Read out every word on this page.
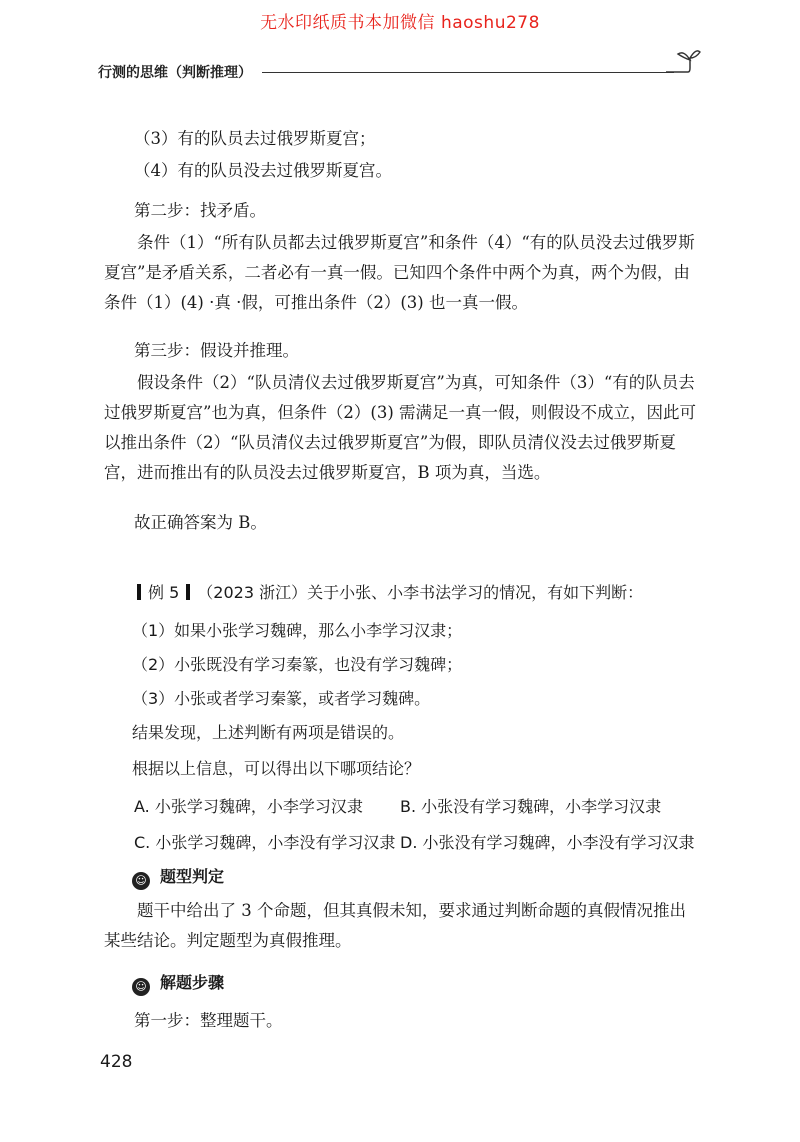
无水印纸质书本加微信 haoshu278
行测的思维（判断推理）

（3）有的队员去过俄罗斯夏宫；

（4）有的队员没去过俄罗斯夏宫。

第二步：找矛盾。

条件（1）“所有队员都去过俄罗斯夏宫”和条件（4）“有的队员没去过俄罗斯夏宫”是矛盾关系，二者必有一真一假。已知四个条件中两个为真，两个为假，由条件（1）(4) ·真 ·假，可推出条件（2）(3) 也一真一假。

第三步：假设并推理。

假设条件（2）“队员清仪去过俄罗斯夏宫”为真，可知条件（3）“有的队员去过俄罗斯夏宫”也为真，但条件（2）(3) 需满足一真一假，则假设不成立，因此可以推出条件（2）“队员清仪去过俄罗斯夏宫”为假，即队员清仪没去过俄罗斯夏宫，进而推出有的队员没去过俄罗斯夏宫，B 项为真，当选。

故正确答案为 B。

例 5 （2023 浙江）关于小张、小李书法学习的情况，有如下判断：

（1）如果小张学习魏碑，那么小李学习汉隶；

（2）小张既没有学习秦篆，也没有学习魏碑；

（3）小张或者学习秦篆，或者学习魏碑。

结果发现，上述判断有两项是错误的。

根据以上信息，可以得出以下哪项结论？

A. 小张学习魏碑，小李学习汉隶 B. 小张没有学习魏碑，小李学习汉隶
C. 小张学习魏碑，小李没有学习汉隶 D. 小张没有学习魏碑，小李没有学习汉隶
☺ 题型判定

题干中给出了 3 个命题，但其真假未知，要求通过判断命题的真假情况推出某些结论。判定题型为真假推理。

☺ 解题步骤

第一步：整理题干。

428
